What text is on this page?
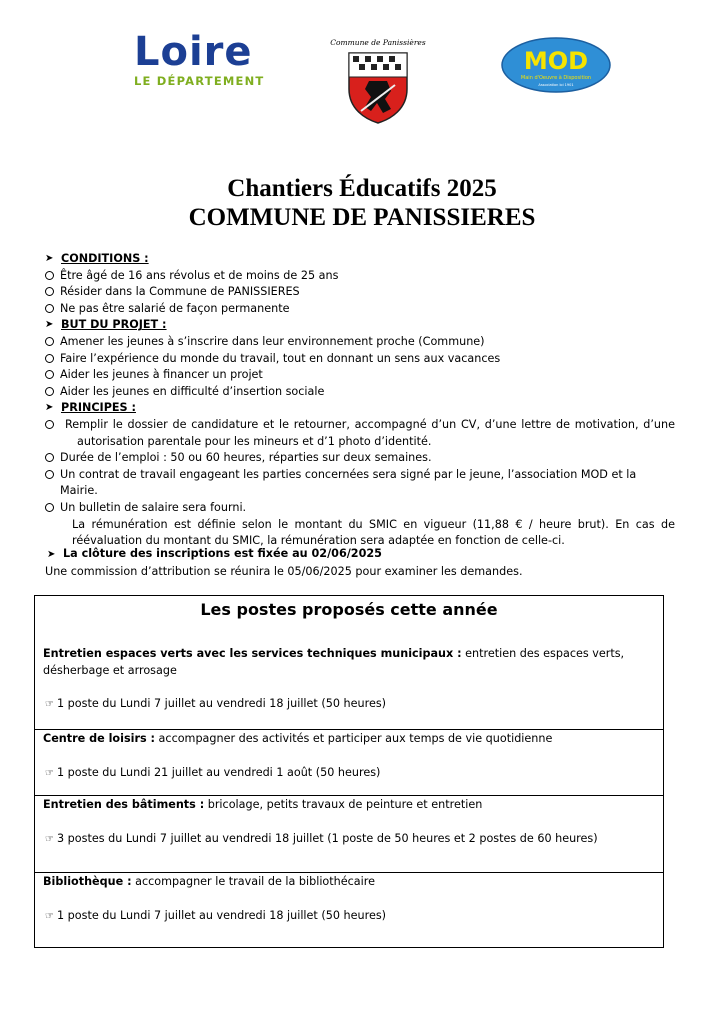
Loire
LE DÉPARTEMENT
Commune de Panissières
MOD
Main d'Oeuvre à Disposition
Association loi 1901
Chantiers Éducatifs 2025
COMMUNE DE PANISSIERES
➤ CONDITIONS :
Être âgé de 16 ans révolus et de moins de 25 ans
Résider dans la Commune de PANISSIERES
Ne pas être salarié de façon permanente
➤ BUT DU PROJET :
Amener les jeunes à s’inscrire dans leur environnement proche (Commune)
Faire l’expérience du monde du travail, tout en donnant un sens aux vacances
Aider les jeunes à financer un projet
Aider les jeunes en difficulté d’insertion sociale
➤ PRINCIPES :
Remplir le dossier de candidature et le retourner, accompagné d’un CV, d’une lettre de motivation, d’une
autorisation parentale pour les mineurs et d’1 photo d’identité.
Durée de l’emploi : 50 ou 60 heures, réparties sur deux semaines.
Un contrat de travail engageant les parties concernées sera signé par le jeune, l’association MOD et la Mairie.
Un bulletin de salaire sera fourni.
La rémunération est définie selon le montant du SMIC en vigueur (11,88 € / heure brut). En cas de réévaluation du montant du SMIC, la rémunération sera adaptée en fonction de celle-ci.
➤ La clôture des inscriptions est fixée au 02/06/2025
Une commission d’attribution se réunira le 05/06/2025 pour examiner les demandes.
Les postes proposés cette année
Entretien espaces verts avec les services techniques municipaux : entretien des espaces verts, désherbage et arrosage
☞ 1 poste du Lundi 7 juillet au vendredi 18 juillet (50 heures)
Centre de loisirs : accompagner des activités et participer aux temps de vie quotidienne
☞ 1 poste du Lundi 21 juillet au vendredi 1 août (50 heures)
Entretien des bâtiments : bricolage, petits travaux de peinture et entretien
☞ 3 postes du Lundi 7 juillet au vendredi 18 juillet (1 poste de 50 heures et 2 postes de 60 heures)
Bibliothèque : accompagner le travail de la bibliothécaire
☞ 1 poste du Lundi 7 juillet au vendredi 18 juillet (50 heures)
